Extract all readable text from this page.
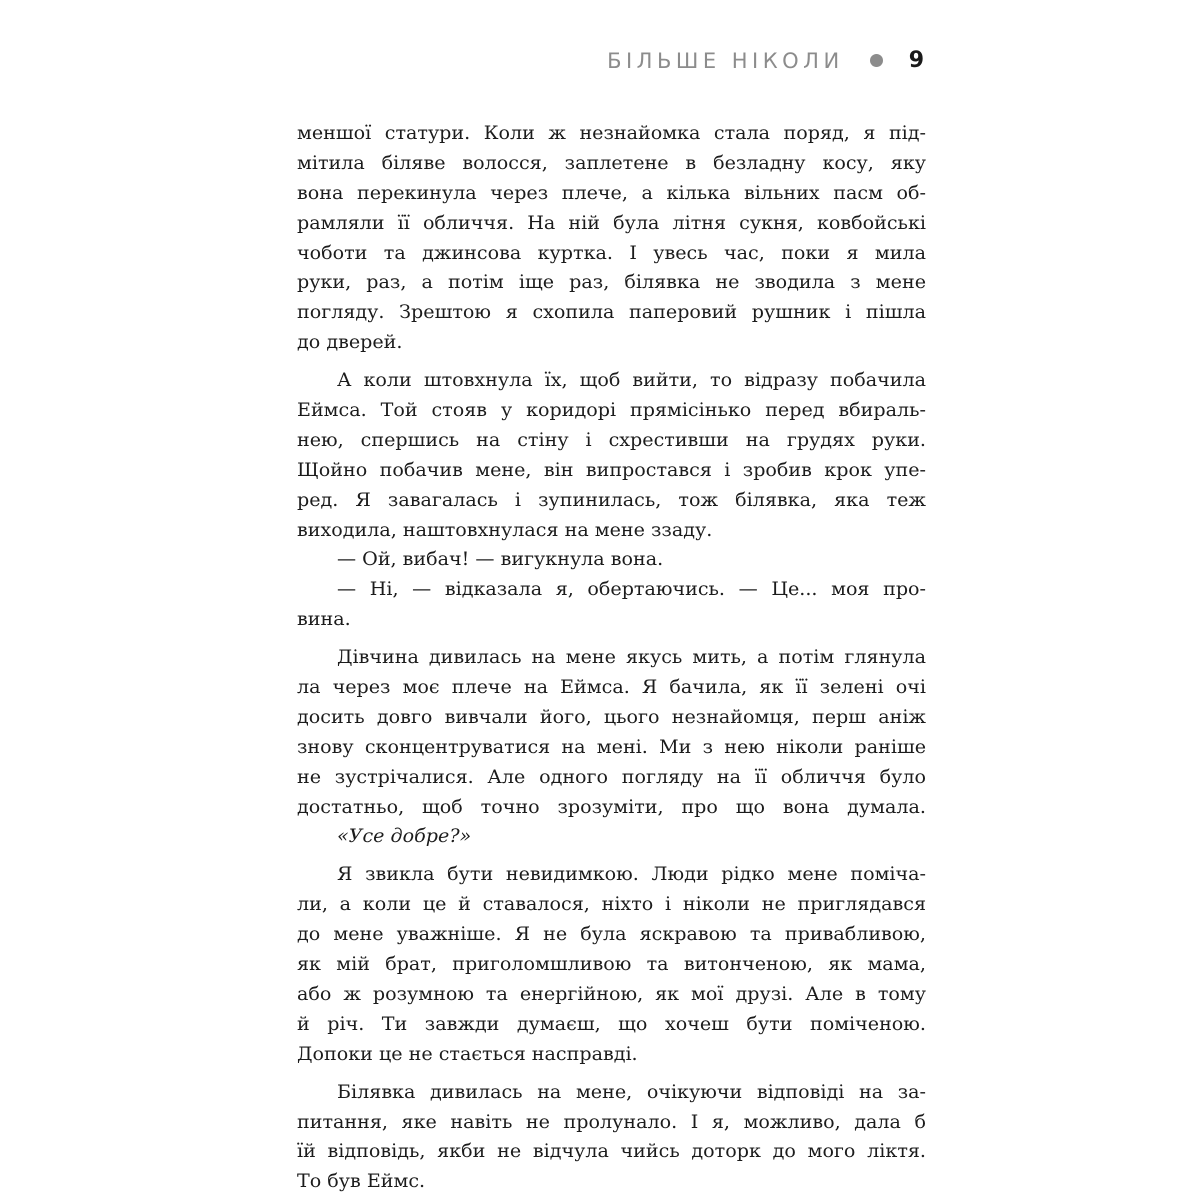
БІЛЬШЕ НІКОЛИ	9
меншої статури. Коли ж незнайомка стала поряд, я під-
мітила біляве волосся, заплетене в безладну косу, яку
вона перекинула через плече, а кілька вільних пасм об-
рамляли її обличчя. На ній була літня сукня, ковбойські
чоботи та джинсова куртка. І увесь час, поки я мила
руки, раз, а потім іще раз, білявка не зводила з мене
погляду. Зрештою я схопила паперовий рушник і пішла
до дверей.
А коли штовхнула їх, щоб вийти, то відразу побачила
Еймса. Той стояв у коридорі прямісінько перед вбираль-
нею, спершись на стіну і схрестивши на грудях руки.
Щойно побачив мене, він випростався і зробив крок упе-
ред. Я завагалась і зупинилась, тож білявка, яка теж
виходила, наштовхнулася на мене ззаду.
— Ой, вибач! — вигукнула вона.
— Ні, — відказала я, обертаючись. — Це... моя про-
вина.
Дівчина дивилась на мене якусь мить, а потім глянула
ла через моє плече на Еймса. Я бачила, як її зелені очі
досить довго вивчали його, цього незнайомця, перш аніж
знову сконцентруватися на мені. Ми з нею ніколи раніше
не зустрічалися. Але одного погляду на її обличчя було
достатньо, щоб точно зрозуміти, про що вона думала.
«Усе добре?»
Я звикла бути невидимкою. Люди рідко мене поміча-
ли, а коли це й ставалося, ніхто і ніколи не приглядався
до мене уважніше. Я не була яскравою та привабливою,
як мій брат, приголомшливою та витонченою, як мама,
або ж розумною та енергійною, як мої друзі. Але в тому
й річ. Ти завжди думаєш, що хочеш бути поміченою.
Допоки це не стається насправді.
Білявка дивилась на мене, очікуючи відповіді на за-
питання, яке навіть не пролунало. І я, можливо, дала б
їй відповідь, якби не відчула чийсь доторк до мого ліктя.
То був Еймс.
